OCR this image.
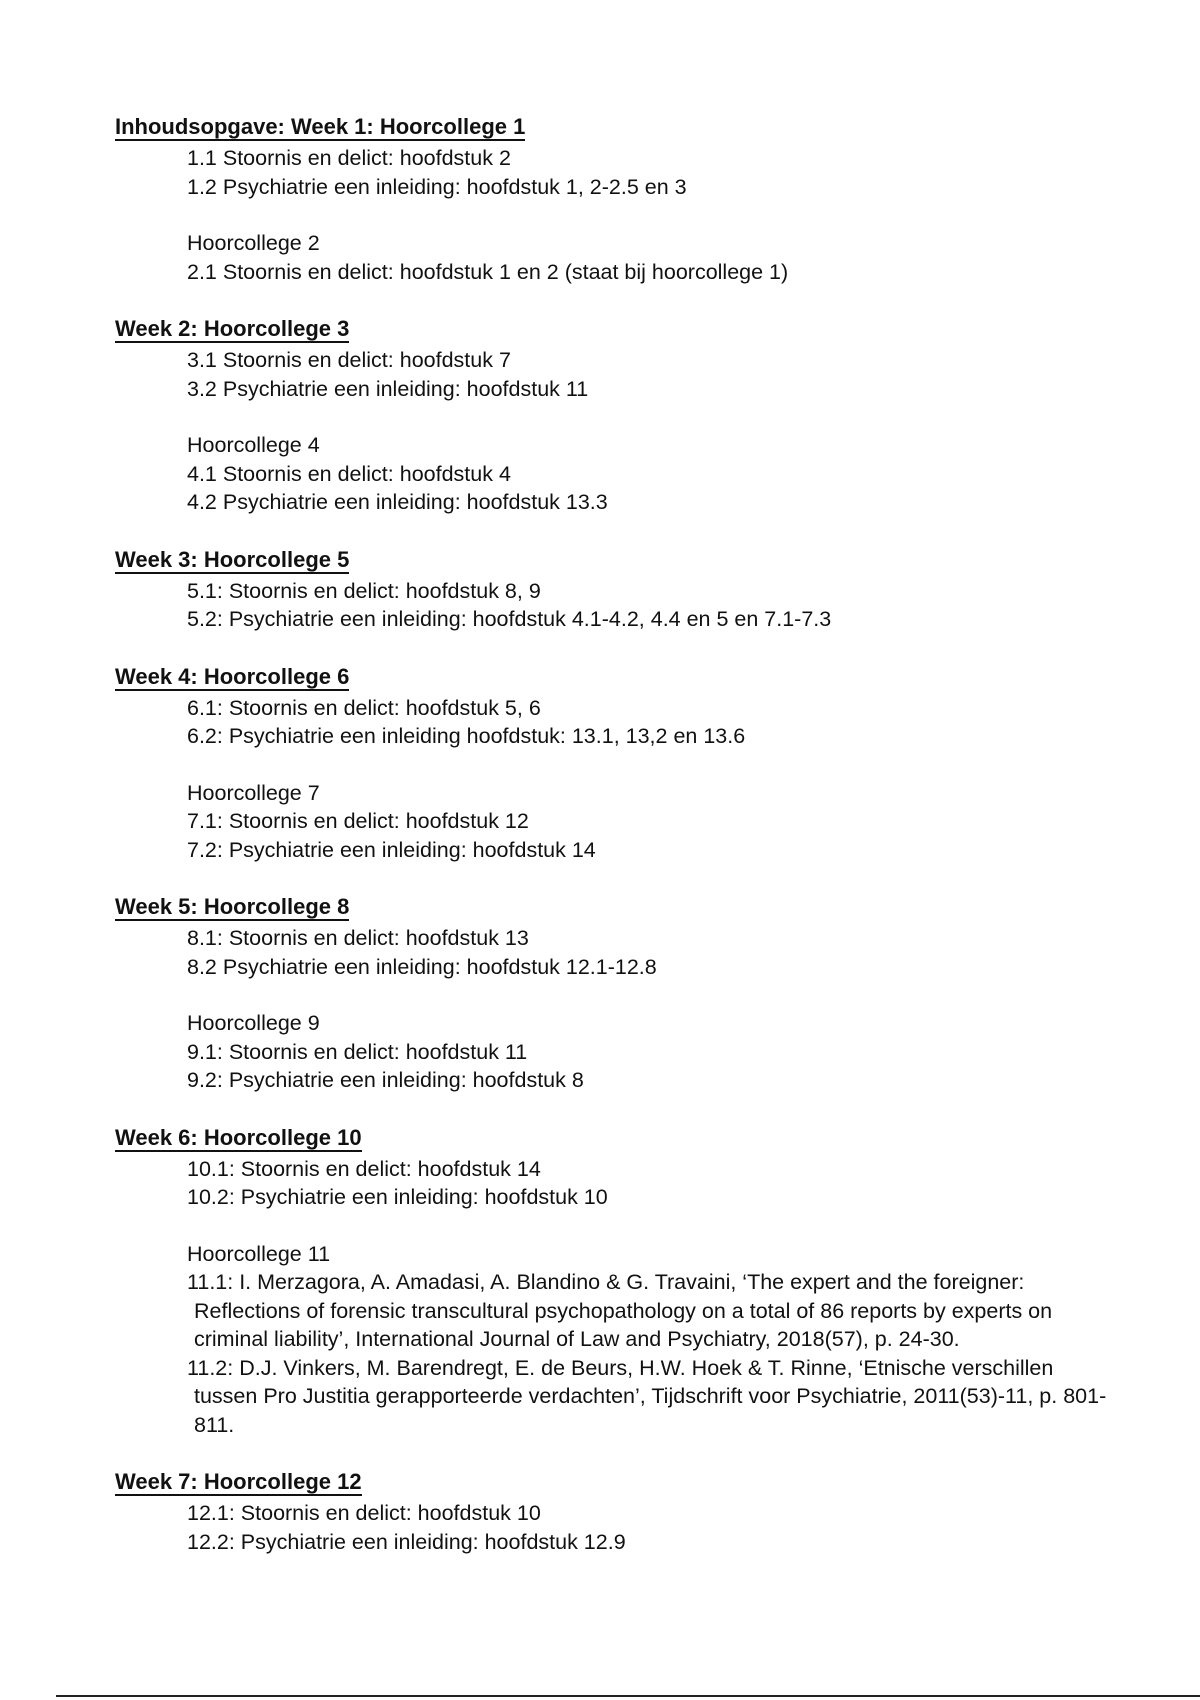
Inhoudsopgave: Week 1: Hoorcollege 1
1.1 Stoornis en delict: hoofdstuk 2
1.2 Psychiatrie een inleiding: hoofdstuk 1, 2-2.5 en 3
Hoorcollege 2
2.1 Stoornis en delict: hoofdstuk 1 en 2 (staat bij hoorcollege 1)
Week 2: Hoorcollege 3
3.1 Stoornis en delict: hoofdstuk 7
3.2 Psychiatrie een inleiding: hoofdstuk 11
Hoorcollege 4
4.1 Stoornis en delict: hoofdstuk 4
4.2 Psychiatrie een inleiding: hoofdstuk 13.3
Week 3: Hoorcollege 5
5.1: Stoornis en delict: hoofdstuk 8, 9
5.2: Psychiatrie een inleiding: hoofdstuk 4.1-4.2, 4.4 en 5 en 7.1-7.3
Week 4: Hoorcollege 6
6.1: Stoornis en delict: hoofdstuk 5, 6
6.2: Psychiatrie een inleiding hoofdstuk: 13.1, 13,2 en 13.6
Hoorcollege 7
7.1: Stoornis en delict: hoofdstuk 12
7.2: Psychiatrie een inleiding: hoofdstuk 14
Week 5: Hoorcollege 8
8.1: Stoornis en delict: hoofdstuk 13
8.2 Psychiatrie een inleiding: hoofdstuk 12.1-12.8
Hoorcollege 9
9.1: Stoornis en delict: hoofdstuk 11
9.2: Psychiatrie een inleiding: hoofdstuk 8
Week 6: Hoorcollege 10
10.1: Stoornis en delict: hoofdstuk 14
10.2: Psychiatrie een inleiding: hoofdstuk 10
Hoorcollege 11
11.1: I. Merzagora, A. Amadasi, A. Blandino & G. Travaini, ‘The expert and the foreigner: Reflections of forensic transcultural psychopathology on a total of 86 reports by experts on criminal liability’, International Journal of Law and Psychiatry, 2018(57), p. 24-30.
11.2: D.J. Vinkers, M. Barendregt, E. de Beurs, H.W. Hoek & T. Rinne, ‘Etnische verschillen tussen Pro Justitia gerapporteerde verdachten’, Tijdschrift voor Psychiatrie, 2011(53)-11, p. 801-811.
Week 7: Hoorcollege 12
12.1: Stoornis en delict: hoofdstuk 10
12.2: Psychiatrie een inleiding: hoofdstuk 12.9
